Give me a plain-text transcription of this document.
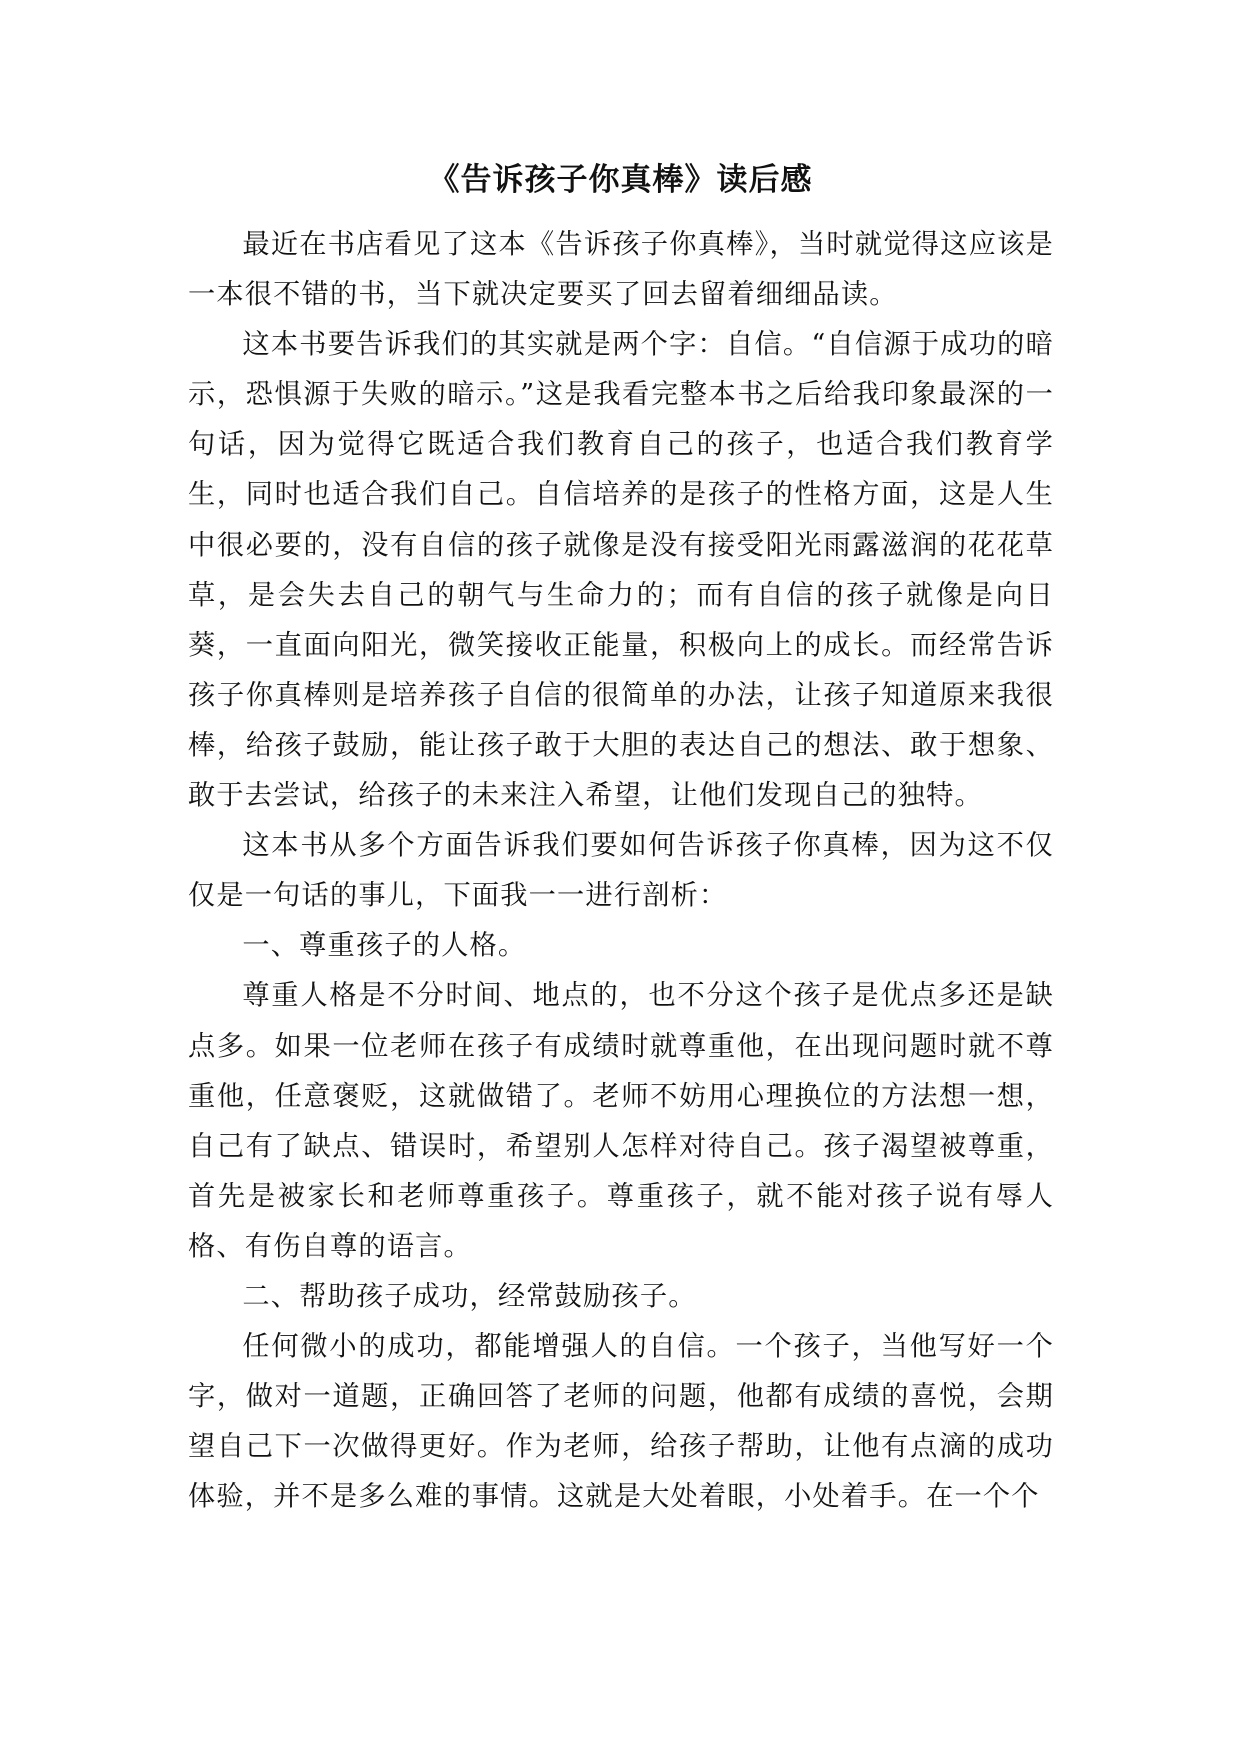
《告诉孩子你真棒》读后感

最近在书店看见了这本《告诉孩子你真棒》，当时就觉得这应该是一本很不错的书，当下就决定要买了回去留着细细品读。

这本书要告诉我们的其实就是两个字：自信。“自信源于成功的暗示，恐惧源于失败的暗示。”这是我看完整本书之后给我印象最深的一句话，因为觉得它既适合我们教育自己的孩子，也适合我们教育学生，同时也适合我们自己。自信培养的是孩子的性格方面，这是人生中很必要的，没有自信的孩子就像是没有接受阳光雨露滋润的花花草草，是会失去自己的朝气与生命力的；而有自信的孩子就像是向日葵，一直面向阳光，微笑接收正能量，积极向上的成长。而经常告诉孩子你真棒则是培养孩子自信的很简单的办法，让孩子知道原来我很棒，给孩子鼓励，能让孩子敢于大胆的表达自己的想法、敢于想象、敢于去尝试，给孩子的未来注入希望，让他们发现自己的独特。

这本书从多个方面告诉我们要如何告诉孩子你真棒，因为这不仅仅是一句话的事儿，下面我一一进行剖析：

一、尊重孩子的人格。

尊重人格是不分时间、地点的，也不分这个孩子是优点多还是缺点多。如果一位老师在孩子有成绩时就尊重他，在出现问题时就不尊重他，任意褒贬，这就做错了。老师不妨用心理换位的方法想一想，自己有了缺点、错误时，希望别人怎样对待自己。孩子渴望被尊重，首先是被家长和老师尊重孩子。尊重孩子，就不能对孩子说有辱人格、有伤自尊的语言。

二、帮助孩子成功，经常鼓励孩子。

任何微小的成功，都能增强人的自信。一个孩子，当他写好一个字，做对一道题，正确回答了老师的问题，他都有成绩的喜悦，会期望自己下一次做得更好。作为老师，给孩子帮助，让他有点滴的成功体验，并不是多么难的事情。这就是大处着眼，小处着手。在一个个
